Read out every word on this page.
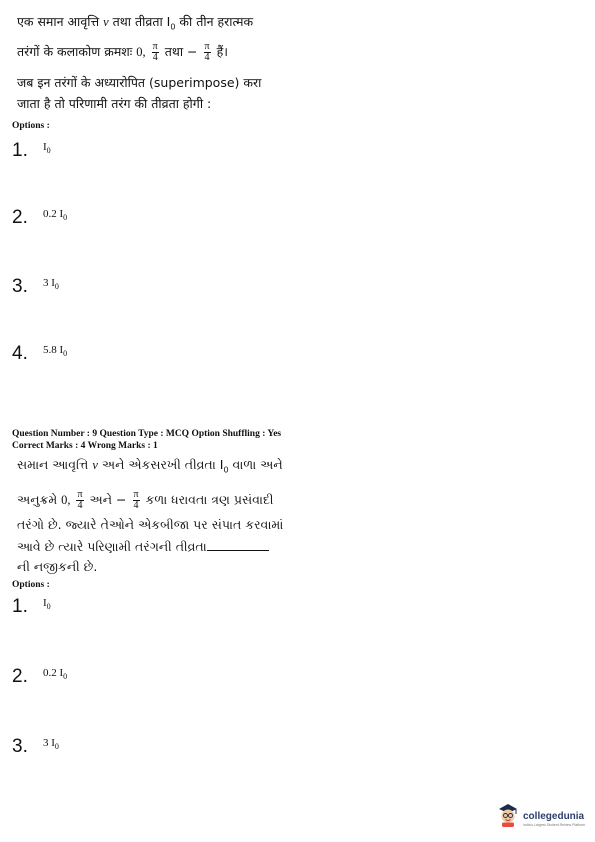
एक समान आवृत्ति ν तथा तीव्रता $I_0$ की तीन हरात्मक
तरंगों के कलाकोण क्रमशः 0, $\frac{\pi}{4}$ तथा − $\frac{\pi}{4}$ हैं।
जब इन तरंगों के अध्यारोपित (superimpose) करा
जाता है तो परिणामी तरंग की तीव्रता होगी :
Options :
1. $^{I_0}$
2. $^{0.2 I_0}$
3. $^{3 I_0}$
4. $^{5.8 I_0}$
Question Number : 9 Question Type : MCQ Option Shuffling : Yes
Correct Marks : 4 Wrong Marks : 1
સમાન આવૃત્તિ ν અને એકસરખી તીવ્રતા $I_0$ વાળા અને
અનુક્રમે 0, $\frac{\pi}{4}$ અને − $\frac{\pi}{4}$ કળા ધરાવતા ત્રણ પ્રસંવાદી
તરંગો છે. જ્યારે તેઓને એકબીજા પર સંપાત કરવામાં
આવે છે ત્યારે પરિણામી તરંગની તીવ્રતા
ની નજીકની છે.
Options :
1. $^{I_0}$
2. $^{0.2 I_0}$
3. $^{3 I_0}$
collegedunia
India's Largest Student Review Platform
